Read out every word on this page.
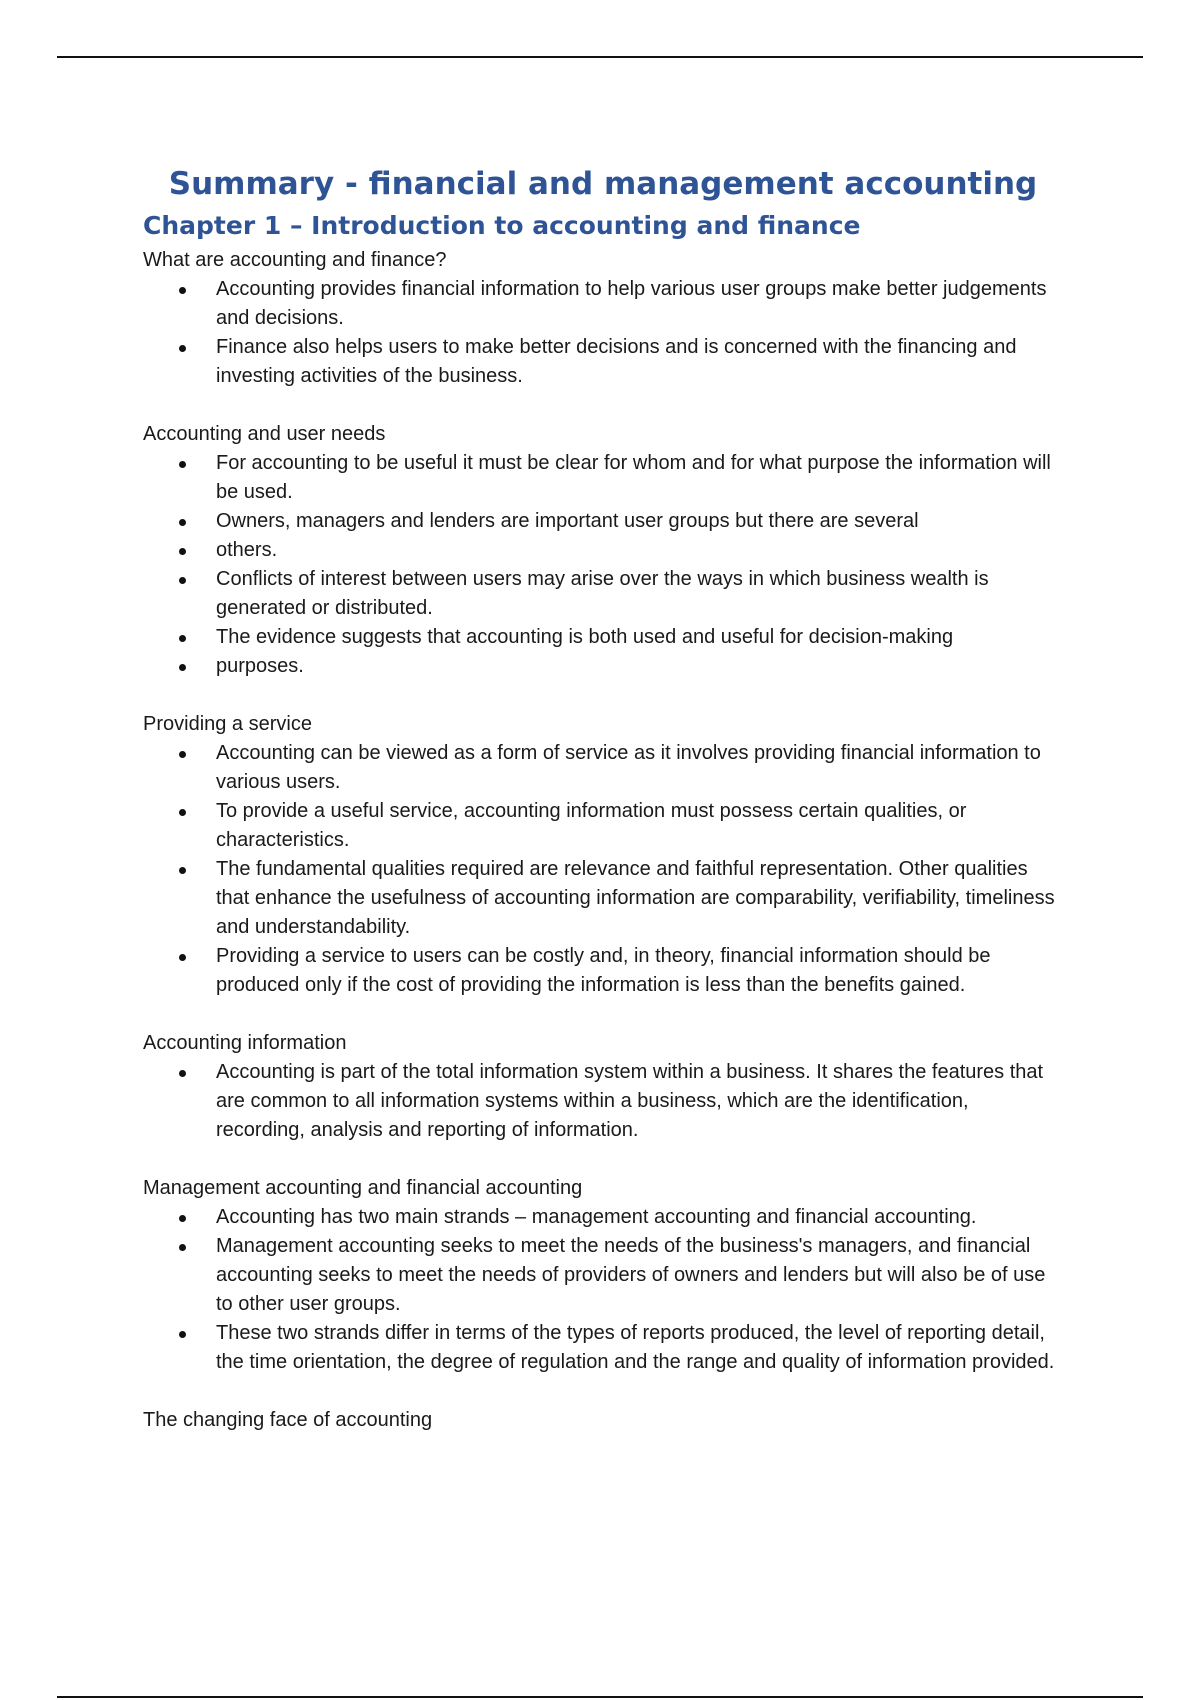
Summary - financial and management accounting
Chapter 1 – Introduction to accounting and finance

What are accounting and finance?

Accounting provides financial information to help various user groups make better judgements and decisions.
Finance also helps users to make better decisions and is concerned with the financing and investing activities of the business.

Accounting and user needs

For accounting to be useful it must be clear for whom and for what purpose the information will be used.
Owners, managers and lenders are important user groups but there are several
others.
Conflicts of interest between users may arise over the ways in which business wealth is generated or distributed.
The evidence suggests that accounting is both used and useful for decision-making
purposes.

Providing a service

Accounting can be viewed as a form of service as it involves providing financial information to various users.
To provide a useful service, accounting information must possess certain qualities, or characteristics.
The fundamental qualities required are relevance and faithful representation. Other qualities that enhance the usefulness of accounting information are comparability, verifiability, timeliness and understandability.
Providing a service to users can be costly and, in theory, financial information should be produced only if the cost of providing the information is less than the benefits gained.

Accounting information

Accounting is part of the total information system within a business. It shares the features that are common to all information systems within a business, which are the identification, recording, analysis and reporting of information.

Management accounting and financial accounting

Accounting has two main strands – management accounting and financial accounting.
Management accounting seeks to meet the needs of the business's managers, and financial accounting seeks to meet the needs of providers of owners and lenders but will also be of use to other user groups.
These two strands differ in terms of the types of reports produced, the level of reporting detail, the time orientation, the degree of regulation and the range and quality of information provided.

The changing face of accounting
